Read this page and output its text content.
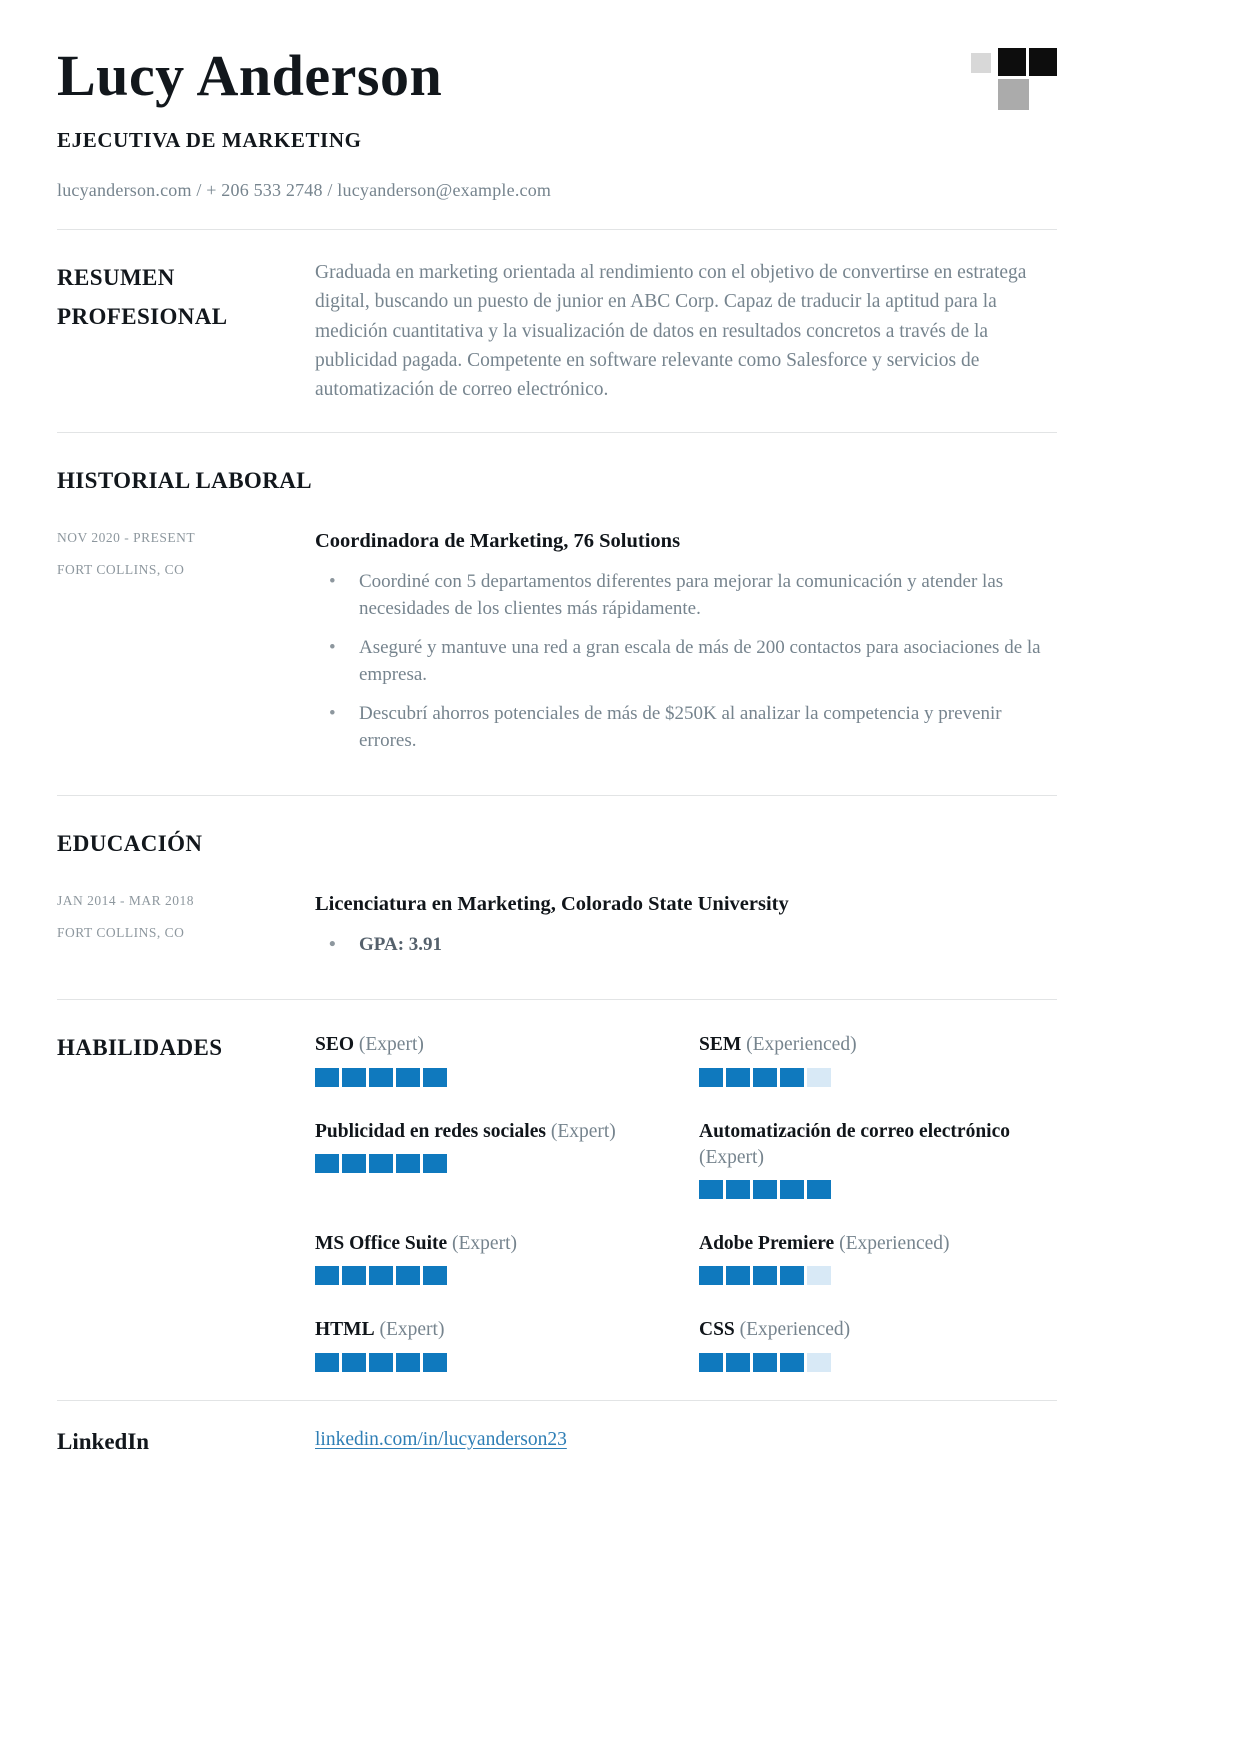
Lucy Anderson
EJECUTIVA DE MARKETING
lucyanderson.com / + 206 533 2748 / lucyanderson@example.com
RESUMEN PROFESIONAL

Graduada en marketing orientada al rendimiento con el objetivo de convertirse en estratega digital, buscando un puesto de junior en ABC Corp. Capaz de traducir la aptitud para la medición cuantitativa y la visualización de datos en resultados concretos a través de la publicidad pagada. Competente en software relevante como Salesforce y servicios de automatización de correo electrónico.

HISTORIAL LABORAL
NOV 2020 - PRESENT
FORT COLLINS, CO
Coordinadora de Marketing, 76 Solutions
• Coordiné con 5 departamentos diferentes para mejorar la comunicación y atender las necesidades de los clientes más rápidamente.
• Aseguré y mantuve una red a gran escala de más de 200 contactos para asociaciones de la empresa.
• Descubrí ahorros potenciales de más de $250K al analizar la competencia y prevenir errores.
EDUCACIÓN
JAN 2014 - MAR 2018
FORT COLLINS, CO
Licenciatura en Marketing, Colorado State University
• GPA: 3.91
HABILIDADES	SEO (Expert)	SEM (Experienced)
Publicidad en redes sociales (Expert)	Automatización de correo electrónico (Expert)
MS Office Suite (Expert)	Adobe Premiere (Experienced)
HTML (Expert)	CSS (Experienced)
LinkedIn	linkedin.com/in/lucyanderson23
